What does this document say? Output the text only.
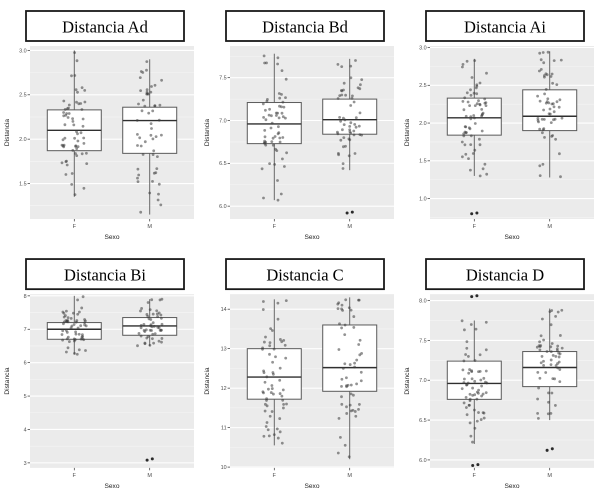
Distancia Ad
1.5
2.0
2.5
3.0
F	M
Sexo
Distancia
Distancia Bd
6.0
6.5
7.0
7.5
F	M
Sexo
Distancia
Distancia Ai
1.0
1.5
2.0
2.5
3.0
F	M
Sexo
Distancia
Distancia Bi
3
4
5
6
7
8
F	M
Sexo
Distancia
Distancia C
10
11
12
13
14
F	M
Sexo
Distancia
Distancia D
6.0
6.5
7.0
7.5
8.0
F	M
Sexo
Distancia
